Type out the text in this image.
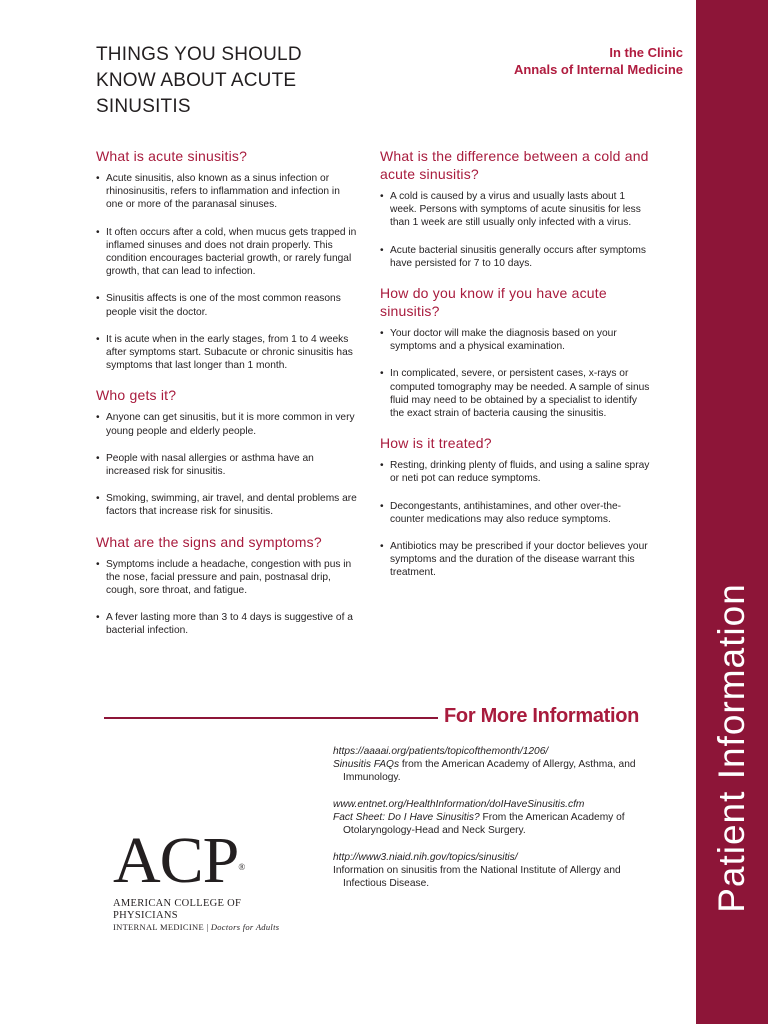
THINGS YOU SHOULD KNOW ABOUT ACUTE SINUSITIS
In the Clinic
Annals of Internal Medicine
Patient Information
What is acute sinusitis?
• Acute sinusitis, also known as a sinus infection or rhinosinusitis, refers to inflammation and infection in one or more of the paranasal sinuses.
• It often occurs after a cold, when mucus gets trapped in inflamed sinuses and does not drain properly. This condition encourages bacterial growth, or rarely fungal growth, that can lead to infection.
• Sinusitis affects is one of the most common reasons people visit the doctor.
• It is acute when in the early stages, from 1 to 4 weeks after symptoms start. Subacute or chronic sinusitis has symptoms that last longer than 1 month.
Who gets it?
• Anyone can get sinusitis, but it is more common in very young people and elderly people.
• People with nasal allergies or asthma have an increased risk for sinusitis.
• Smoking, swimming, air travel, and dental problems are factors that increase risk for sinusitis.
What are the signs and symptoms?
• Symptoms include a headache, congestion with pus in the nose, facial pressure and pain, postnasal drip, cough, sore throat, and fatigue.
• A fever lasting more than 3 to 4 days is suggestive of a bacterial infection.
What is the difference between a cold and acute sinusitis?
• A cold is caused by a virus and usually lasts about 1 week. Persons with symptoms of acute sinusitis for less than 1 week are still usually only infected with a virus.
• Acute bacterial sinusitis generally occurs after symptoms have persisted for 7 to 10 days.
How do you know if you have acute sinusitis?
• Your doctor will make the diagnosis based on your symptoms and a physical examination.
• In complicated, severe, or persistent cases, x-rays or computed tomography may be needed. A sample of sinus fluid may need to be obtained by a specialist to identify the exact strain of bacteria causing the sinusitis.
How is it treated?
• Resting, drinking plenty of fluids, and using a saline spray or neti pot can reduce symptoms.
• Decongestants, antihistamines, and other over-the-counter medications may also reduce symptoms.
• Antibiotics may be prescribed if your doctor believes your symptoms and the duration of the disease warrant this treatment.
For More Information
https://aaaai.org/patients/topicofthemonth/1206/
Sinusitis FAQs from the American Academy of Allergy, Asthma, and Immunology.
www.entnet.org/HealthInformation/doIHaveSinusitis.cfm
Fact Sheet: Do I Have Sinusitis? From the American Academy of Otolaryngology-Head and Neck Surgery.
http://www3.niaid.nih.gov/topics/sinusitis/
Information on sinusitis from the National Institute of Allergy and Infectious Disease.
ACP®
AMERICAN COLLEGE OF PHYSICIANS
INTERNAL MEDICINE | Doctors for Adults
